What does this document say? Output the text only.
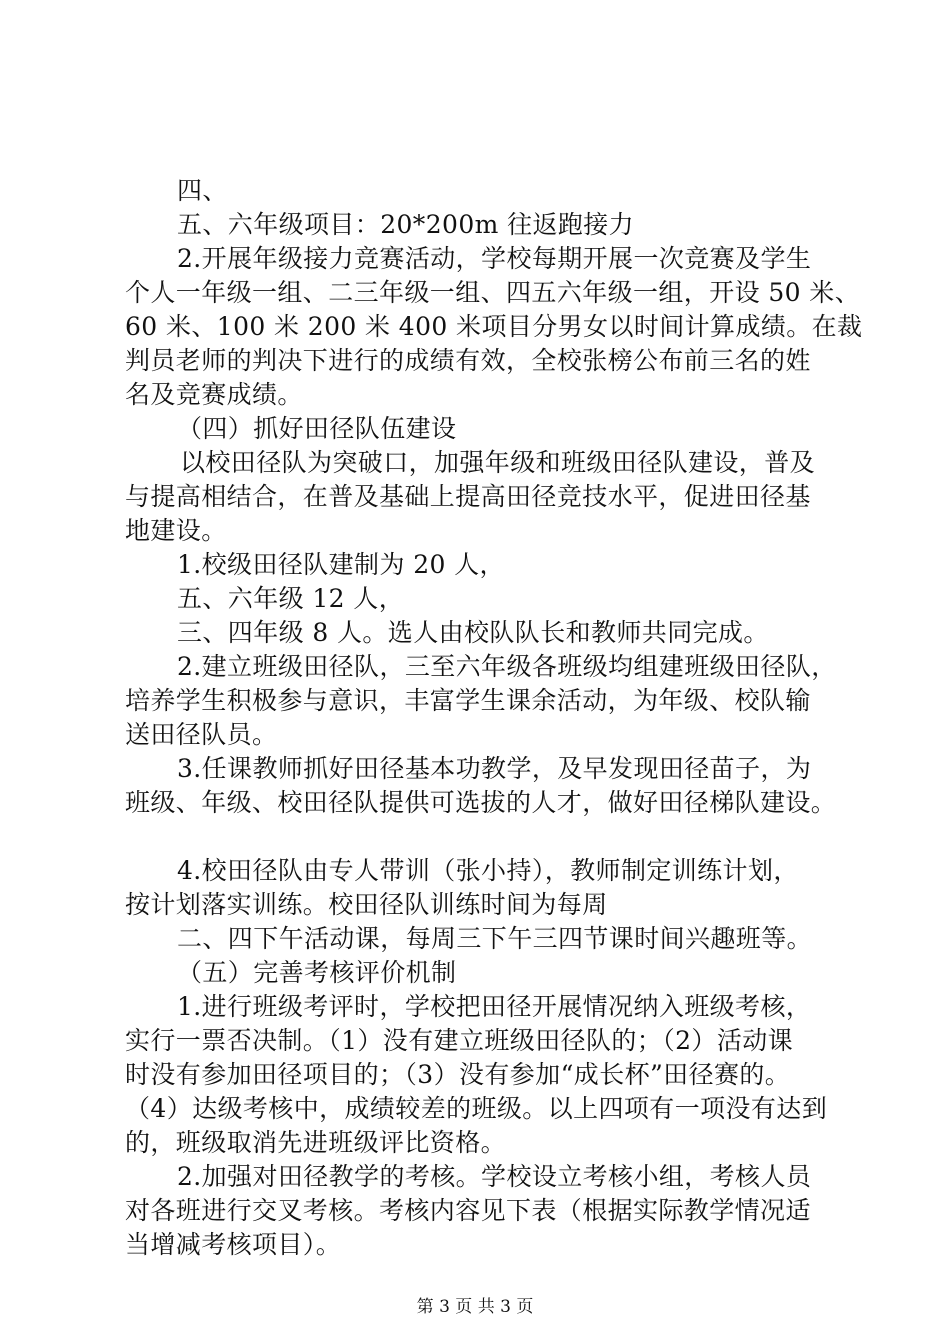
四、
五、六年级项目：20*200m 往返跑接力
2.开展年级接力竞赛活动，学校每期开展一次竞赛及学生
个人一年级一组、二三年级一组、四五六年级一组，开设 50 米、
60 米、100 米 200 米 400 米项目分男女以时间计算成绩。在裁
判员老师的判决下进行的成绩有效，全校张榜公布前三名的姓
名及竞赛成绩。
（四）抓好田径队伍建设
以校田径队为突破口，加强年级和班级田径队建设，普及
与提高相结合，在普及基础上提高田径竞技水平，促进田径基
地建设。
1.校级田径队建制为 20 人，
五、六年级 12 人，
三、四年级 8 人。选人由校队队长和教师共同完成。
2.建立班级田径队，三至六年级各班级均组建班级田径队，
培养学生积极参与意识，丰富学生课余活动，为年级、校队输
送田径队员。
3.任课教师抓好田径基本功教学，及早发现田径苗子，为
班级、年级、校田径队提供可选拔的人才，做好田径梯队建设。
4.校田径队由专人带训（张小持），教师制定训练计划，
按计划落实训练。校田径队训练时间为每周
二、四下午活动课，每周三下午三四节课时间兴趣班等。
（五）完善考核评价机制
1.进行班级考评时，学校把田径开展情况纳入班级考核，
实行一票否决制。（1）没有建立班级田径队的；（2）活动课
时没有参加田径项目的；（3）没有参加“成长杯”田径赛的。
（4）达级考核中，成绩较差的班级。以上四项有一项没有达到
的，班级取消先进班级评比资格。
2.加强对田径教学的考核。学校设立考核小组，考核人员
对各班进行交叉考核。考核内容见下表（根据实际教学情况适
当增减考核项目）。
第 3 页 共 3 页
